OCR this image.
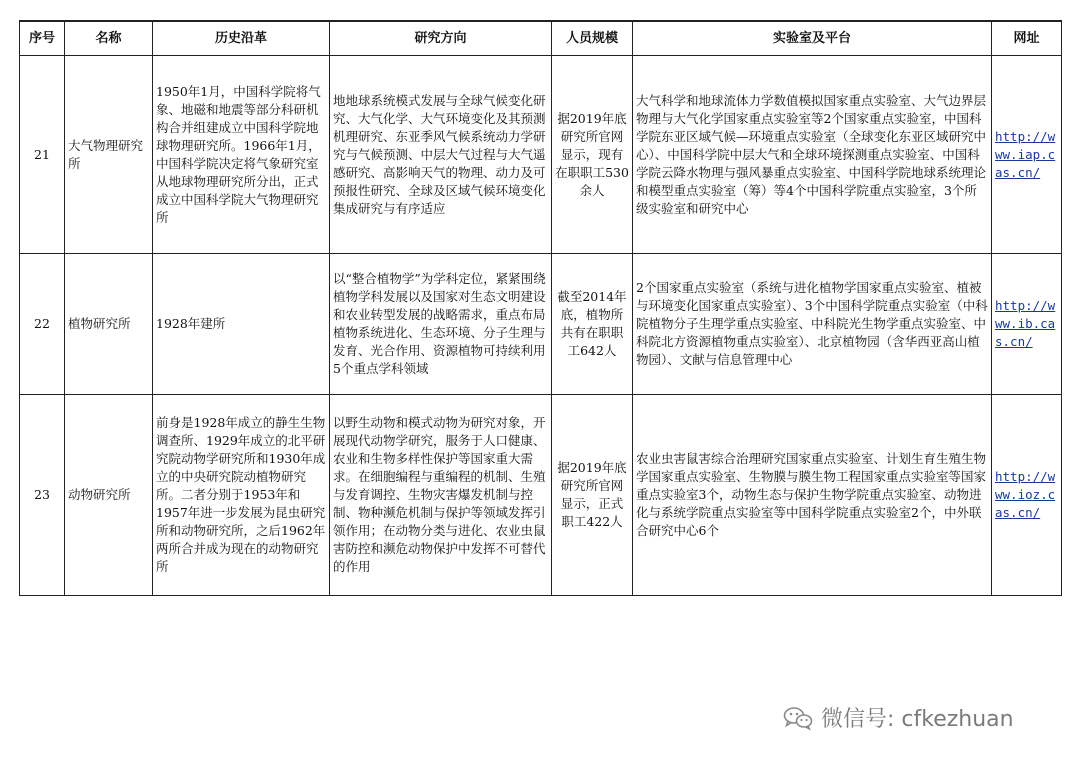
序号	名称	历史沿革	研究方向	人员规模	实验室及平台	网址
21	大气物理研究所	1950年1月，中国科学院将气象、地磁和地震等部分科研机构合并组建成立中国科学院地球物理研究所。1966年1月，中国科学院决定将气象研究室从地球物理研究所分出，正式成立中国科学院大气物理研究所	地地球系统模式发展与全球气候变化研究、大气化学、大气环境变化及其预测机理研究、东亚季风气候系统动力学研究与气候预测、中层大气过程与大气遥感研究、高影响天气的物理、动力及可预报性研究、全球及区域气候环境变化集成研究与有序适应	据2019年底研究所官网显示，现有在职职工530余人	大气科学和地球流体力学数值模拟国家重点实验室、大气边界层物理与大气化学国家重点实验室等2个国家重点实验室，中国科学院东亚区域气候—环境重点实验室（全球变化东亚区域研究中心）、中国科学院中层大气和全球环境探测重点实验室、中国科学院云降水物理与强风暴重点实验室、中国科学院地球系统理论和模型重点实验室（筹）等4个中国科学院重点实验室，3个所级实验室和研究中心	http://www.iap.cas.cn/
22	植物研究所	1928年建所	以“整合植物学”为学科定位，紧紧围绕植物学科发展以及国家对生态文明建设和农业转型发展的战略需求，重点布局植物系统进化、生态环境、分子生理与发育、光合作用、资源植物可持续利用5个重点学科领域	截至2014年底，植物所共有在职职工642人	2个国家重点实验室（系统与进化植物学国家重点实验室、植被与环境变化国家重点实验室）、3个中国科学院重点实验室（中科院植物分子生理学重点实验室、中科院光生物学重点实验室、中科院北方资源植物重点实验室）、北京植物园（含华西亚高山植物园）、文献与信息管理中心	http://www.ib.cas.cn/
23	动物研究所	前身是1928年成立的静生生物调查所、1929年成立的北平研究院动物学研究所和1930年成立的中央研究院动植物研究所。二者分别于1953年和1957年进一步发展为昆虫研究所和动物研究所，之后1962年两所合并成为现在的动物研究所	以野生动物和模式动物为研究对象，开展现代动物学研究，服务于人口健康、农业和生物多样性保护等国家重大需求。在细胞编程与重编程的机制、生殖与发育调控、生物灾害爆发机制与控制、物种濒危机制与保护等领域发挥引领作用；在动物分类与进化、农业虫鼠害防控和濒危动物保护中发挥不可替代的作用	据2019年底研究所官网显示，正式职工422人	农业虫害鼠害综合治理研究国家重点实验室、计划生育生殖生物学国家重点实验室、生物膜与膜生物工程国家重点实验室等国家重点实验室3个，动物生态与保护生物学院重点实验室、动物进化与系统学院重点实验室等中国科学院重点实验室2个，中外联合研究中心6个	http://www.ioz.cas.cn/
微信号: cfkezhuan
